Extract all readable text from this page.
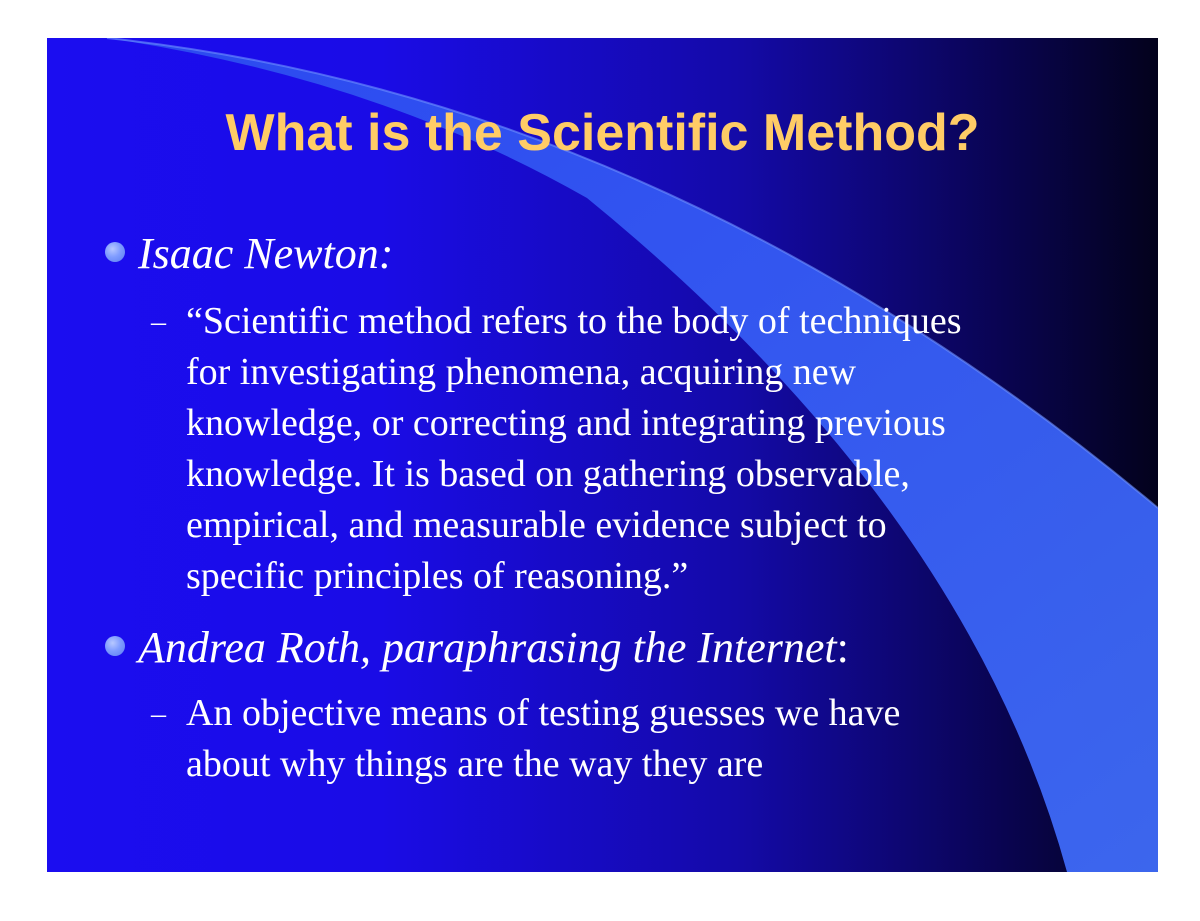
What is the Scientific Method?
Isaac Newton:
– “Scientific method refers to the body of techniques
for investigating phenomena, acquiring new
knowledge, or correcting and integrating previous
knowledge. It is based on gathering observable,
empirical, and measurable evidence subject to
specific principles of reasoning.”
Andrea Roth, paraphrasing the Internet:
– An objective means of testing guesses we have
about why things are the way they are
